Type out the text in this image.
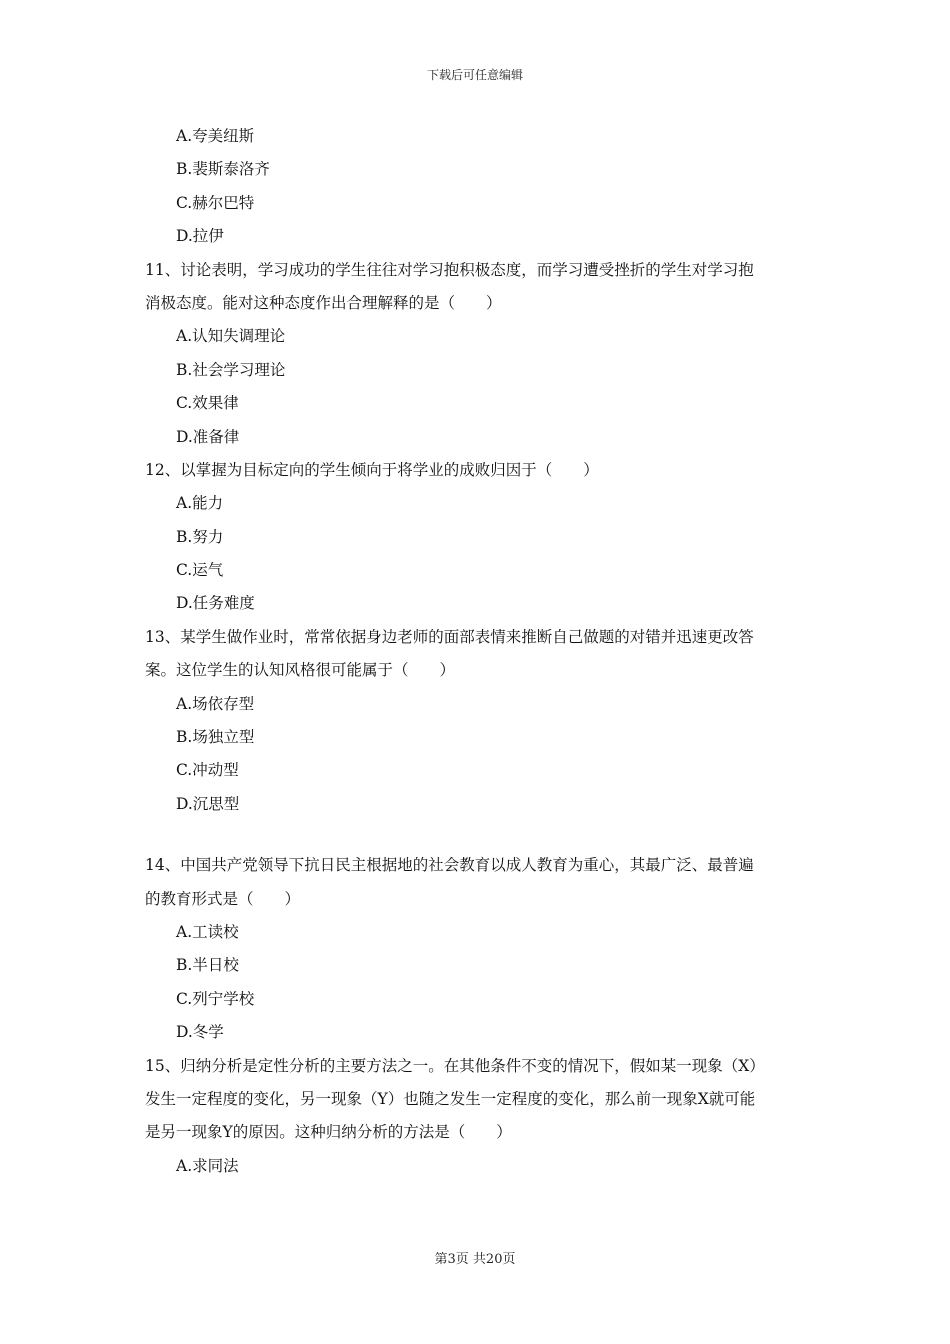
下载后可任意编辑
A.夸美纽斯
B.裴斯泰洛齐
C.赫尔巴特
D.拉伊
11、讨论表明，学习成功的学生往往对学习抱积极态度，而学习遭受挫折的学生对学习抱
消极态度。能对这种态度作出合理解释的是（　　）
A.认知失调理论
B.社会学习理论
C.效果律
D.准备律
12、以掌握为目标定向的学生倾向于将学业的成败归因于（　　）
A.能力
B.努力
C.运气
D.任务难度
13、某学生做作业时，常常依据身边老师的面部表情来推断自己做题的对错并迅速更改答
案。这位学生的认知风格很可能属于（　　）
A.场依存型
B.场独立型
C.冲动型
D.沉思型
14、中国共产党领导下抗日民主根据地的社会教育以成人教育为重心，其最广泛、最普遍
的教育形式是（　　）
A.工读校
B.半日校
C.列宁学校
D.冬学
15、归纳分析是定性分析的主要方法之一。在其他条件不变的情况下，假如某一现象（X）
发生一定程度的变化，另一现象（Y）也随之发生一定程度的变化，那么前一现象X就可能
是另一现象Y的原因。这种归纳分析的方法是（　　）
A.求同法
第3页 共20页
